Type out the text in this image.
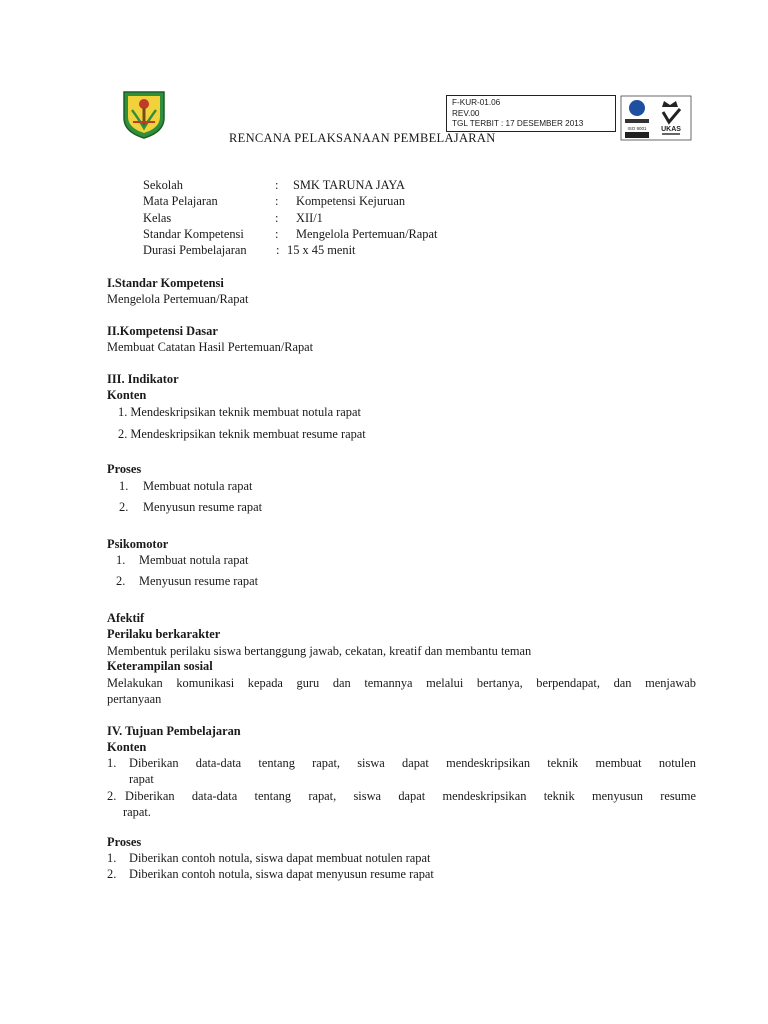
F-KUR-01.06
REV.00
TGL TERBIT : 17 DESEMBER 2013
ISO 9001 UKAS
RENCANA PELAKSANAAN PEMBELAJARAN
Sekolah	: SMK TARUNA JAYA
Mata Pelajaran	: Kompetensi Kejuruan
Kelas	: XII/1
Standar Kompetensi	: Mengelola Pertemuan/Rapat
Durasi Pembelajaran : 15 x 45 menit
I.Standar Kompetensi
Mengelola Pertemuan/Rapat
II.Kompetensi Dasar
Membuat Catatan Hasil Pertemuan/Rapat
III. Indikator
Konten
1. Mendeskripsikan teknik membuat notula rapat
2. Mendeskripsikan teknik membuat resume rapat
Proses
1. Membuat notula rapat
2. Menyusun resume rapat
Psikomotor
1. Membuat notula rapat
2. Menyusun resume rapat
Afektif
Perilaku berkarakter
Membentuk perilaku siswa bertanggung jawab, cekatan, kreatif dan membantu teman
Keterampilan sosial
Melakukan komunikasi kepada guru dan temannya melalui bertanya, berpendapat, dan menjawab
pertanyaan
IV. Tujuan Pembelajaran
Konten
1. Diberikan data-data tentang rapat, siswa dapat mendeskripsikan teknik membuat notulen
rapat
2. Diberikan data-data tentang rapat, siswa dapat mendeskripsikan teknik menyusun resume
rapat.
Proses
1. Diberikan contoh notula, siswa dapat membuat notulen rapat
2. Diberikan contoh notula, siswa dapat menyusun resume rapat
